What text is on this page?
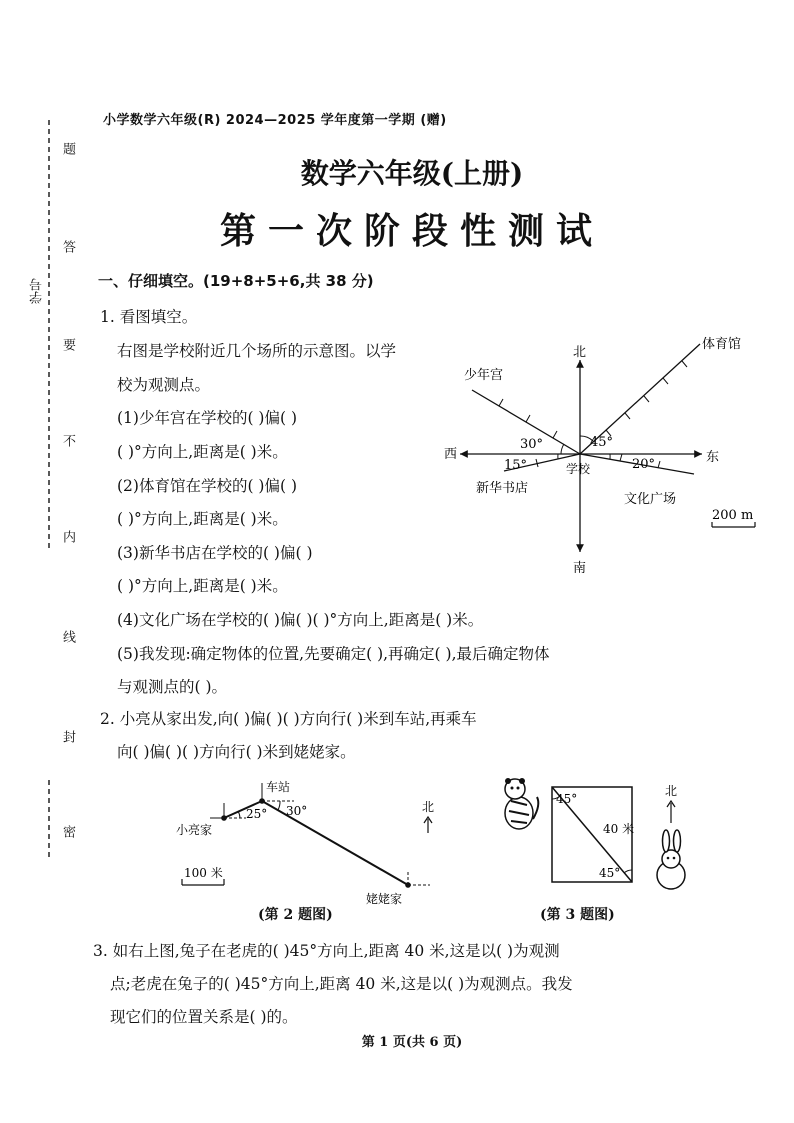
题
答
要
不
内
线
封
密
学号
小学数学六年级(R) 2024—2025 学年度第一学期 (赠)
数学六年级(上册)
第一次阶段性测试
一、仔细填空。(19+8+5+6,共 38 分)
1. 看图填空。
右图是学校附近几个场所的示意图。以学
校为观测点。
(1)少年宫在学校的( )偏( )
( )°方向上,距离是( )米。
(2)体育馆在学校的( )偏( )
( )°方向上,距离是( )米。
(3)新华书店在学校的( )偏( )
( )°方向上,距离是( )米。
(4)文化广场在学校的( )偏( )( )°方向上,距离是( )米。
(5)我发现:确定物体的位置,先要确定( ),再确定( ),最后确定物体
与观测点的( )。
北
南
东
西
学校
少年宫
体育馆
新华书店
文化广场
30°	45°
15°	20°
200 m
2. 小亮从家出发,向( )偏( )( )方向行( )米到车站,再乘车
向( )偏( )( )方向行( )米到姥姥家。
车站
小亮家
姥姥家
25° 30°	北
100 米
(第 2 题图)
45°
45°
40 米
北
(第 3 题图)
3. 如右上图,兔子在老虎的( )45°方向上,距离 40 米,这是以( )为观测
点;老虎在兔子的( )45°方向上,距离 40 米,这是以( )为观测点。我发
现它们的位置关系是( )的。
第 1 页(共 6 页)
